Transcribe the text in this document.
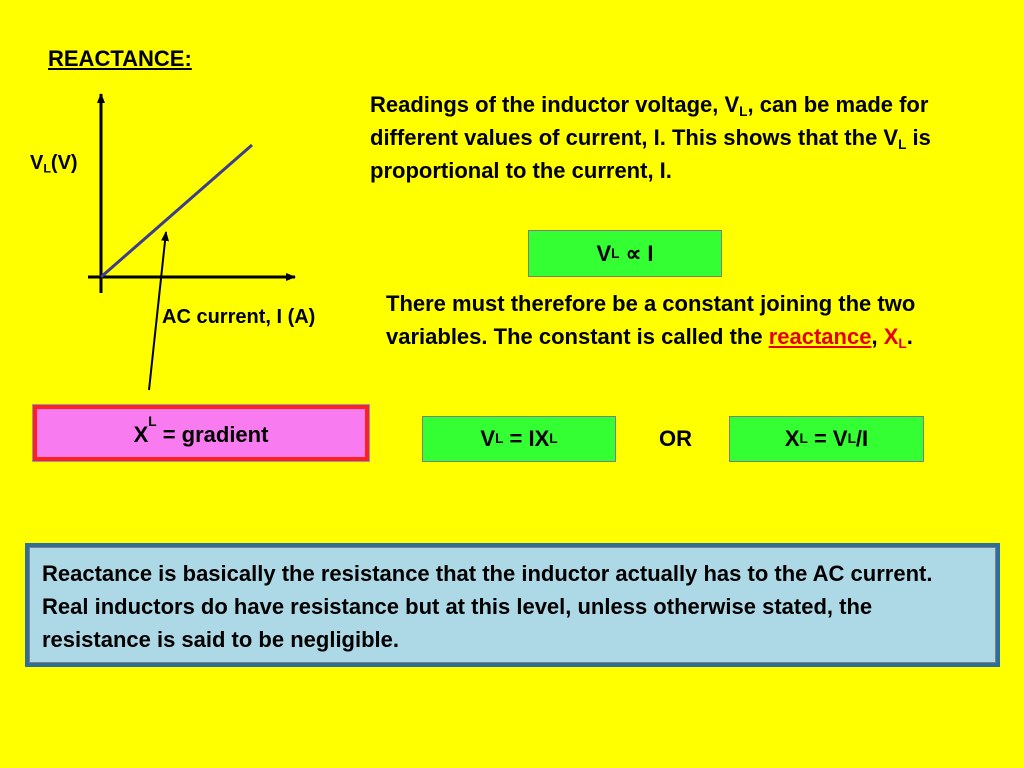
REACTANCE:
Readings of the inductor voltage, $V_L$, can be made for different values of current, I. This shows that the $V_L$ is proportional to the current, I.
V L ∝ I
There must therefore be a constant joining the two variables. The constant is called the reactance, $X_L$.
$V_L(V)$
AC current, I (A)
X
L
= gradient	V L = IX L	OR	X L = V L /I
Reactance is basically the resistance that the inductor actually has to the AC current. Real inductors do have resistance but at this level, unless otherwise stated, the resistance is said to be negligible.
